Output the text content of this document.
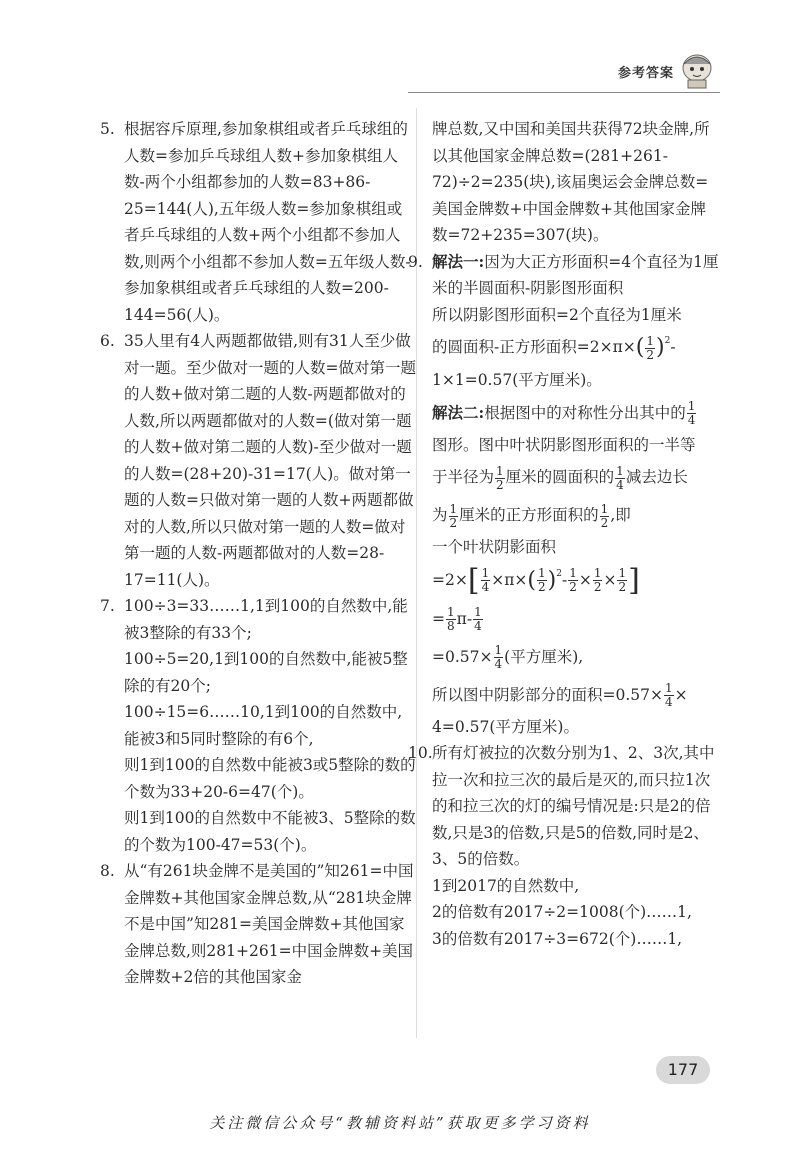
参考答案
5. 根据容斥原理,参加象棋组或者乒乓球组的人数=参加乒乓球组人数+参加象棋组人数-两个小组都参加的人数=83+86-25=144(人),五年级人数=参加象棋组或者乒乓球组的人数+两个小组都不参加人数,则两个小组都不参加人数=五年级人数-参加象棋组或者乒乓球组的人数=200-144=56(人)。
6. 35人里有4人两题都做错,则有31人至少做对一题。至少做对一题的人数=做对第一题的人数+做对第二题的人数-两题都做对的人数,所以两题都做对的人数=(做对第一题的人数+做对第二题的人数)-至少做对一题的人数=(28+20)-31=17(人)。做对第一题的人数=只做对第一题的人数+两题都做对的人数,所以只做对第一题的人数=做对第一题的人数-两题都做对的人数=28-17=11(人)。
7. 100÷3=33……1,1到100的自然数中,能被3整除的有33个;
100÷5=20,1到100的自然数中,能被5整除的有20个;
100÷15=6……10,1到100的自然数中,能被3和5同时整除的有6个,
则1到100的自然数中能被3或5整除的数的个数为33+20-6=47(个)。
则1到100的自然数中不能被3、5整除的数的个数为100-47=53(个)。
8. 从“有261块金牌不是美国的”知261=中国金牌数+其他国家金牌总数,从“281块金牌不是中国”知281=美国金牌数+其他国家金牌总数,则281+261=中国金牌数+美国金牌数+2倍的其他国家金
牌总数,又中国和美国共获得72块金牌,所以其他国家金牌总数=(281+261-72)÷2=235(块),该届奥运会金牌总数=美国金牌数+中国金牌数+其他国家金牌数=72+235=307(块)。
9. 解法一:因为大正方形面积=4个直径为1厘米的半圆面积-阴影图形面积
所以阴影图形面积=2个直径为1厘米
的圆面积-正方形面积$=2\times\pi\times( \frac{1}{2} )^2-$
1×1=0.57(平方厘米)。
解法二:根据图中的对称性分出其中的 $\frac{1}{4}$
图形。图中叶状阴影图形面积的一半等
于半径为 $\frac{1}{2}$ 厘米的圆面积的 $\frac{1}{4}$ 减去边长
为 $\frac{1}{2}$ 厘米的正方形面积的 $\frac{1}{2}$ ,即
一个叶状阴影面积
$=2\times[ \frac{1}{4} \times\pi\times( \frac{1}{2} )^2- \frac{1}{2} \times \frac{1}{2} \times \frac{1}{2}$ ]
= $\frac{1}{8} \pi- \frac{1}{4}$
$=0.57\times \frac{1}{4}$ (平方厘米),
所以图中阴影部分的面积$=0.57\times \frac{1}{4}$ ×
4=0.57(平方厘米)。
10. 所有灯被拉的次数分别为1、2、3次,其中拉一次和拉三次的最后是灭的,而只拉1次的和拉三次的灯的编号情况是:只是2的倍数,只是3的倍数,只是5的倍数,同时是2、3、5的倍数。
1到2017的自然数中,
2的倍数有2017÷2=1008(个)……1,
3的倍数有2017÷3=672(个)……1,
177
关注微信公众号“教辅资料站”获取更多学习资料
